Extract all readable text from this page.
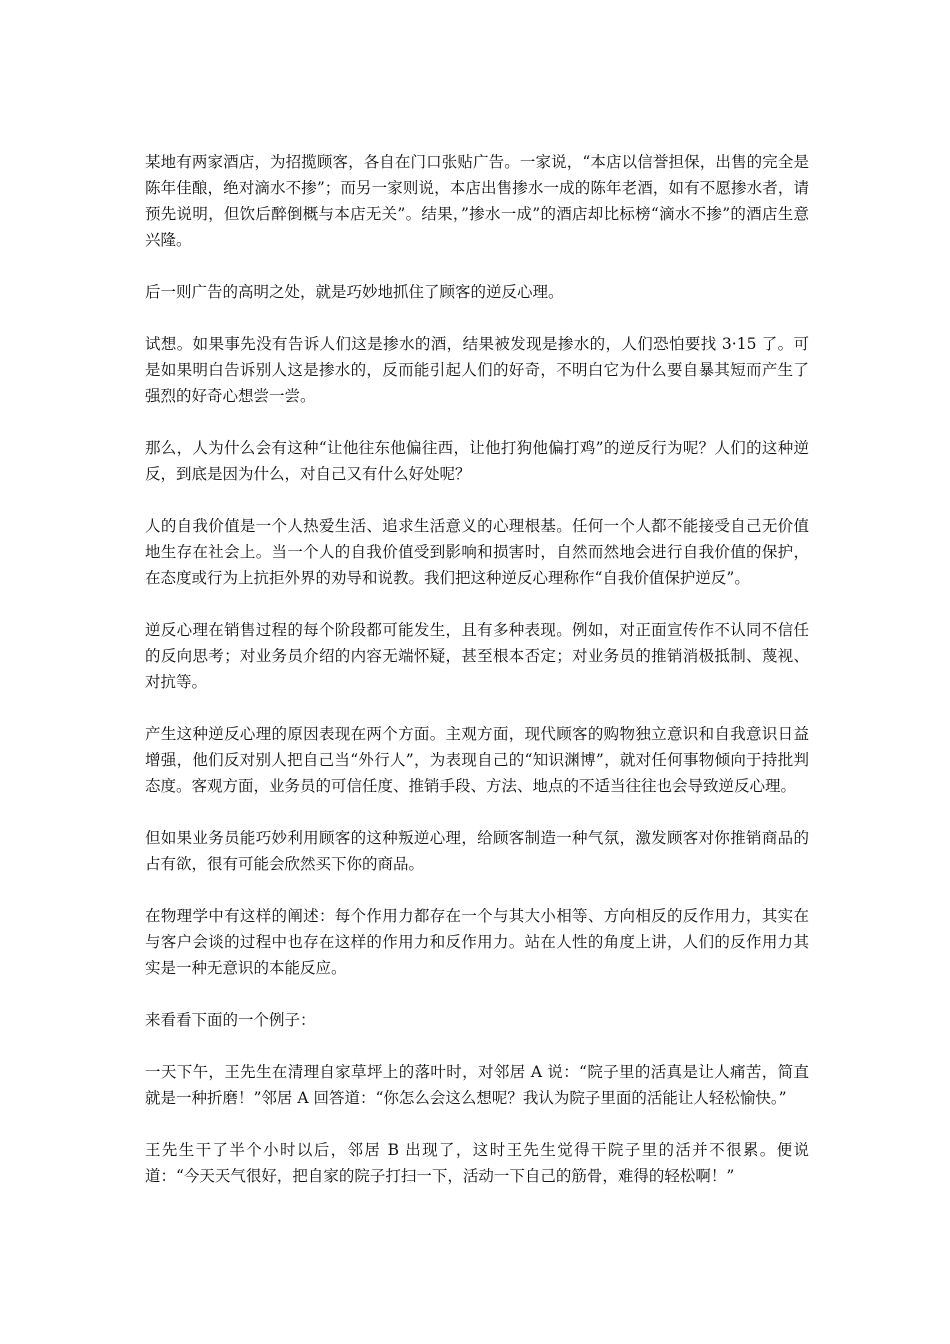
某地有两家酒店，为招揽顾客，各自在门口张贴广告。一家说，“本店以信誉担保，出售的完全是陈年佳酿，绝对滴水不掺”；而另一家则说，本店出售掺水一成的陈年老酒，如有不愿掺水者，请预先说明，但饮后醉倒概与本店无关”。结果，”掺水一成”的酒店却比标榜“滴水不掺”的酒店生意兴隆。

后一则广告的高明之处，就是巧妙地抓住了顾客的逆反心理。

试想。如果事先没有告诉人们这是掺水的酒，结果被发现是掺水的，人们恐怕要找 3·15 了。可是如果明白告诉别人这是掺水的，反而能引起人们的好奇，不明白它为什么要自暴其短而产生了强烈的好奇心想尝一尝。

那么，人为什么会有这种“让他往东他偏往西，让他打狗他偏打鸡”的逆反行为呢？人们的这种逆反，到底是因为什么，对自己又有什么好处呢？

人的自我价值是一个人热爱生活、追求生活意义的心理根基。任何一个人都不能接受自己无价值地生存在社会上。当一个人的自我价值受到影响和损害时，自然而然地会进行自我价值的保护，在态度或行为上抗拒外界的劝导和说教。我们把这种逆反心理称作“自我价值保护逆反”。

逆反心理在销售过程的每个阶段都可能发生，且有多种表现。例如，对正面宣传作不认同不信任的反向思考；对业务员介绍的内容无端怀疑，甚至根本否定；对业务员的推销消极抵制、蔑视、对抗等。

产生这种逆反心理的原因表现在两个方面。主观方面，现代顾客的购物独立意识和自我意识日益增强，他们反对别人把自己当“外行人”，为表现自己的“知识渊博”，就对任何事物倾向于持批判态度。客观方面，业务员的可信任度、推销手段、方法、地点的不适当往往也会导致逆反心理。

但如果业务员能巧妙利用顾客的这种叛逆心理，给顾客制造一种气氛，激发顾客对你推销商品的占有欲，很有可能会欣然买下你的商品。

在物理学中有这样的阐述：每个作用力都存在一个与其大小相等、方向相反的反作用力，其实在与客户会谈的过程中也存在这样的作用力和反作用力。站在人性的角度上讲，人们的反作用力其实是一种无意识的本能反应。

来看看下面的一个例子：

一天下午，王先生在清理自家草坪上的落叶时，对邻居 A 说：“院子里的活真是让人痛苦，简直就是一种折磨！”邻居 A 回答道：“你怎么会这么想呢？我认为院子里面的活能让人轻松愉快。”

王先生干了半个小时以后，邻居 B 出现了，这时王先生觉得干院子里的活并不很累。便说道：“今天天气很好，把自家的院子打扫一下，活动一下自己的筋骨，难得的轻松啊！”
